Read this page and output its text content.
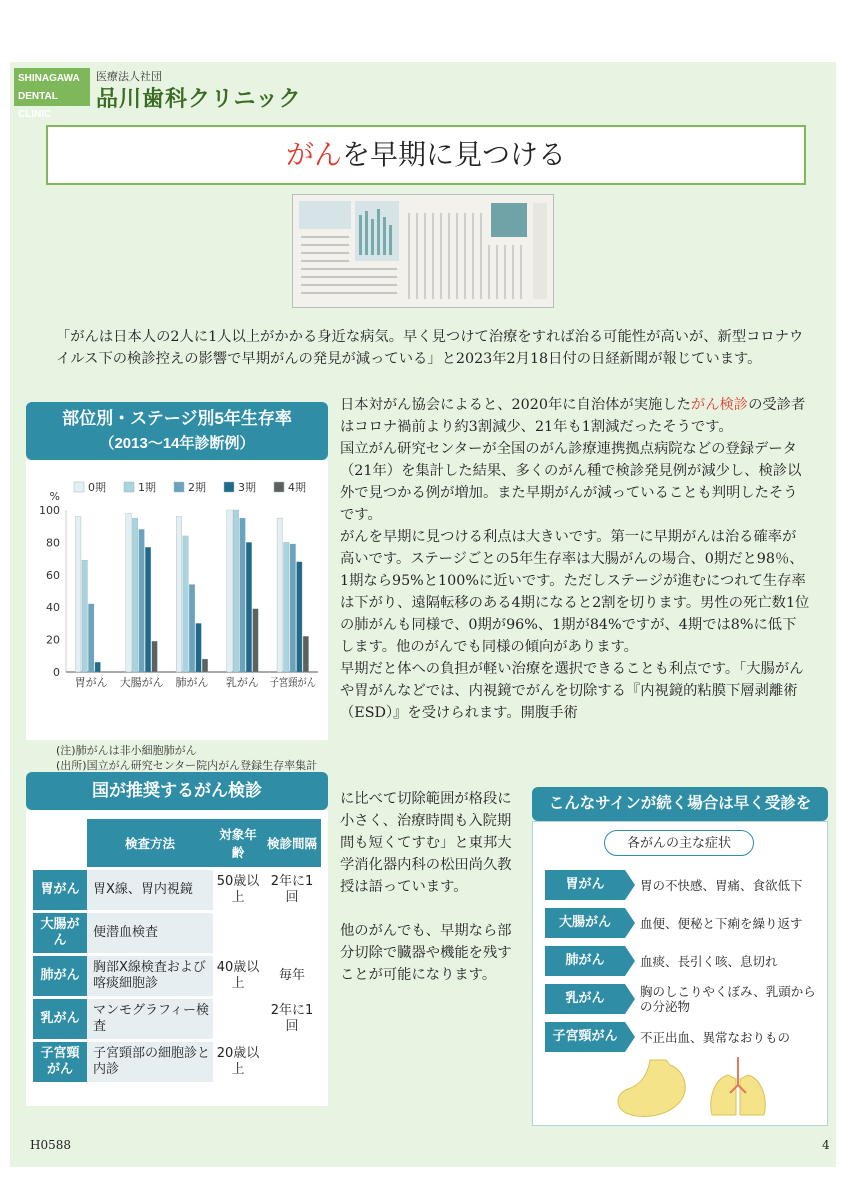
SHINAGAWA
DENTAL CLINIC
医療法人社団
品川歯科クリニック
がんを早期に見つける

「がんは日本人の2人に1人以上がかかる身近な病気。早く見つけて治療をすれば治る可能性が高いが、新型コロナウイルス下の検診控えの影響で早期がんの発見が減っている」と2023年2月18日付の日経新聞が報じています。

日本対がん協会によると、2020年に自治体が実施したがん検診の受診者はコロナ禍前より約3割減少、21年も1割減だったそうです。

国立がん研究センターが全国のがん診療連携拠点病院などの登録データ（21年）を集計した結果、多くのがん種で検診発見例が減少し、検診以外で見つかる例が増加。また早期がんが減っていることも判明したそうです。

がんを早期に見つける利点は大きいです。第一に早期がんは治る確率が高いです。ステージごとの5年生存率は大腸がんの場合、0期だと98％、1期なら95%と100%に近いです。ただしステージが進むにつれて生存率は下がり、遠隔転移のある4期になると2割を切ります。男性の死亡数1位の肺がんも同様で、0期が96%、1期が84%ですが、4期では8%に低下します。他のがんでも同様の傾向があります。

早期だと体への負担が軽い治療を選択できることも利点です。「大腸がんや胃がんなどでは、内視鏡でがんを切除する『内視鏡的粘膜下層剥離術（ESD）』を受けられます。開腹手術

に比べて切除範囲が格段に小さく、治療時間も入院期間も短くてすむ」と東邦大学消化器内科の松田尚久教授は語っています。

他のがんでも、早期なら部分切除で臓器や機能を残すことが可能になります。

部位別・ステージ別5年生存率
（2013～14年診断例）
0期	1期	2期	3期	4期
0
20
40
60
80
100
%
胃がん 大腸がん 肺がん 乳がん 子宮頸がん
(注)肺がんは非小細胞肺がん
(出所)国立がん研究センター院内がん登録生存率集計
国が推奨するがん検診
	検査方法	対象年齢	検診間隔
胃がん	胃X線、胃内視鏡	50歳以上	2年に1回
大腸がん	便潜血検査		
肺がん	胸部X線検査および喀痰細胞診	40歳以上	毎年
乳がん	マンモグラフィー検査		2年に1回
子宮頸がん	子宮頸部の細胞診と内診	20歳以上	
こんなサインが続く場合は早く受診を
各がんの主な症状
胃がん	胃の不快感、胃痛、食欲低下
大腸がん	血便、便秘と下痢を繰り返す
肺がん	血痰、長引く咳、息切れ
乳がん	胸のしこりやくぼみ、乳頭からの分泌物
子宮頸がん	不正出血、異常なおりもの
H0588	4
